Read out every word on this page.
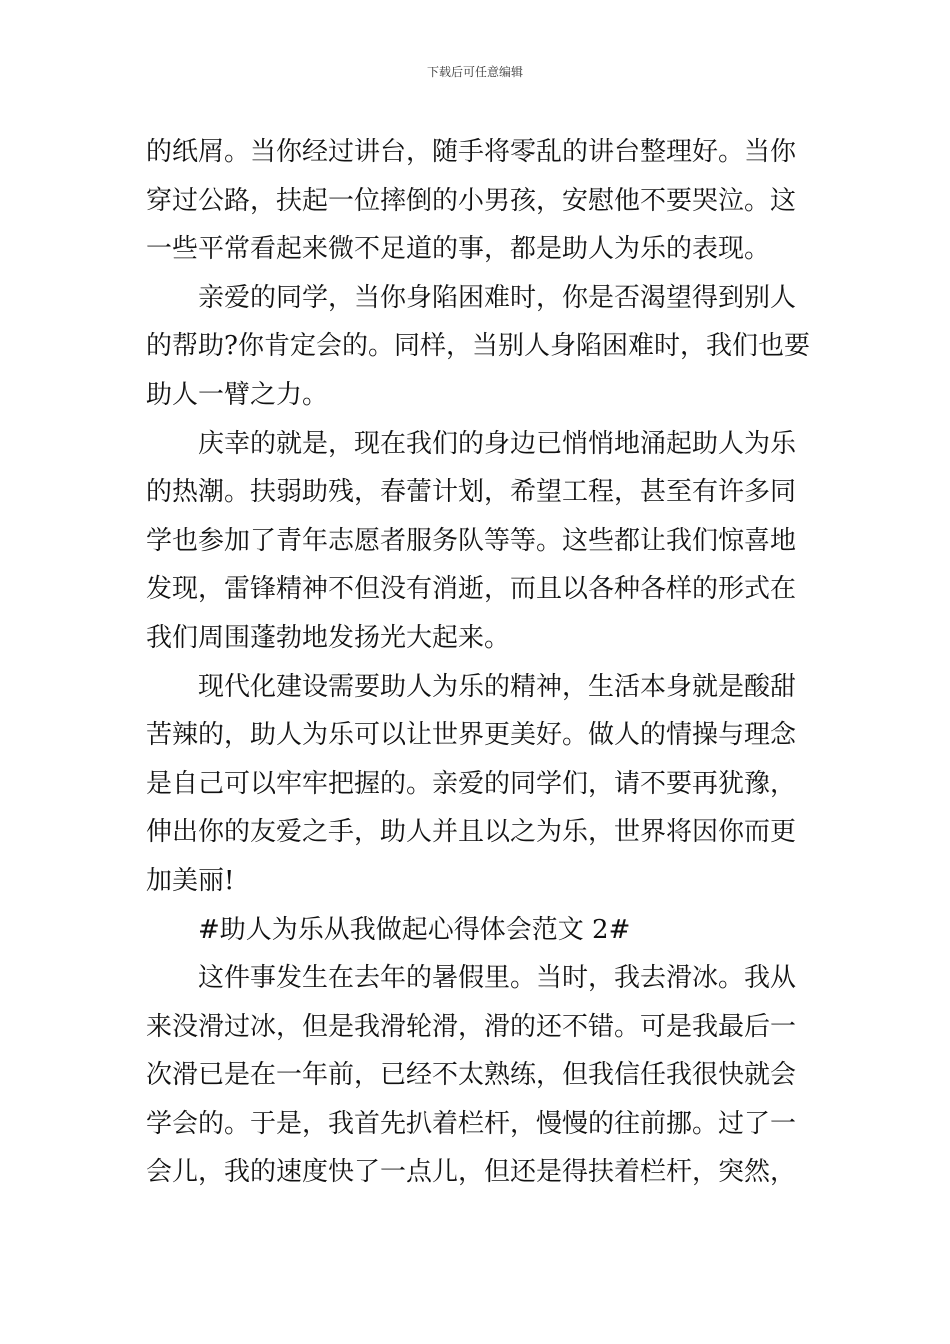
下载后可任意编辑
的纸屑。当你经过讲台，随手将零乱的讲台整理好。当你
穿过公路，扶起一位摔倒的小男孩，安慰他不要哭泣。这
一些平常看起来微不足道的事，都是助人为乐的表现。
亲爱的同学，当你身陷困难时，你是否渴望得到别人
的帮助?你肯定会的。同样，当别人身陷困难时，我们也要
助人一臂之力。
庆幸的就是，现在我们的身边已悄悄地涌起助人为乐
的热潮。扶弱助残，春蕾计划，希望工程，甚至有许多同
学也参加了青年志愿者服务队等等。这些都让我们惊喜地
发现，雷锋精神不但没有消逝，而且以各种各样的形式在
我们周围蓬勃地发扬光大起来。
现代化建设需要助人为乐的精神，生活本身就是酸甜
苦辣的，助人为乐可以让世界更美好。做人的情操与理念
是自己可以牢牢把握的。亲爱的同学们，请不要再犹豫，
伸出你的友爱之手，助人并且以之为乐，世界将因你而更
加美丽!
#助人为乐从我做起心得体会范文 2#
这件事发生在去年的暑假里。当时，我去滑冰。我从
来没滑过冰，但是我滑轮滑，滑的还不错。可是我最后一
次滑已是在一年前，已经不太熟练，但我信任我很快就会
学会的。于是，我首先扒着栏杆，慢慢的往前挪。过了一
会儿，我的速度快了一点儿，但还是得扶着栏杆，突然，
